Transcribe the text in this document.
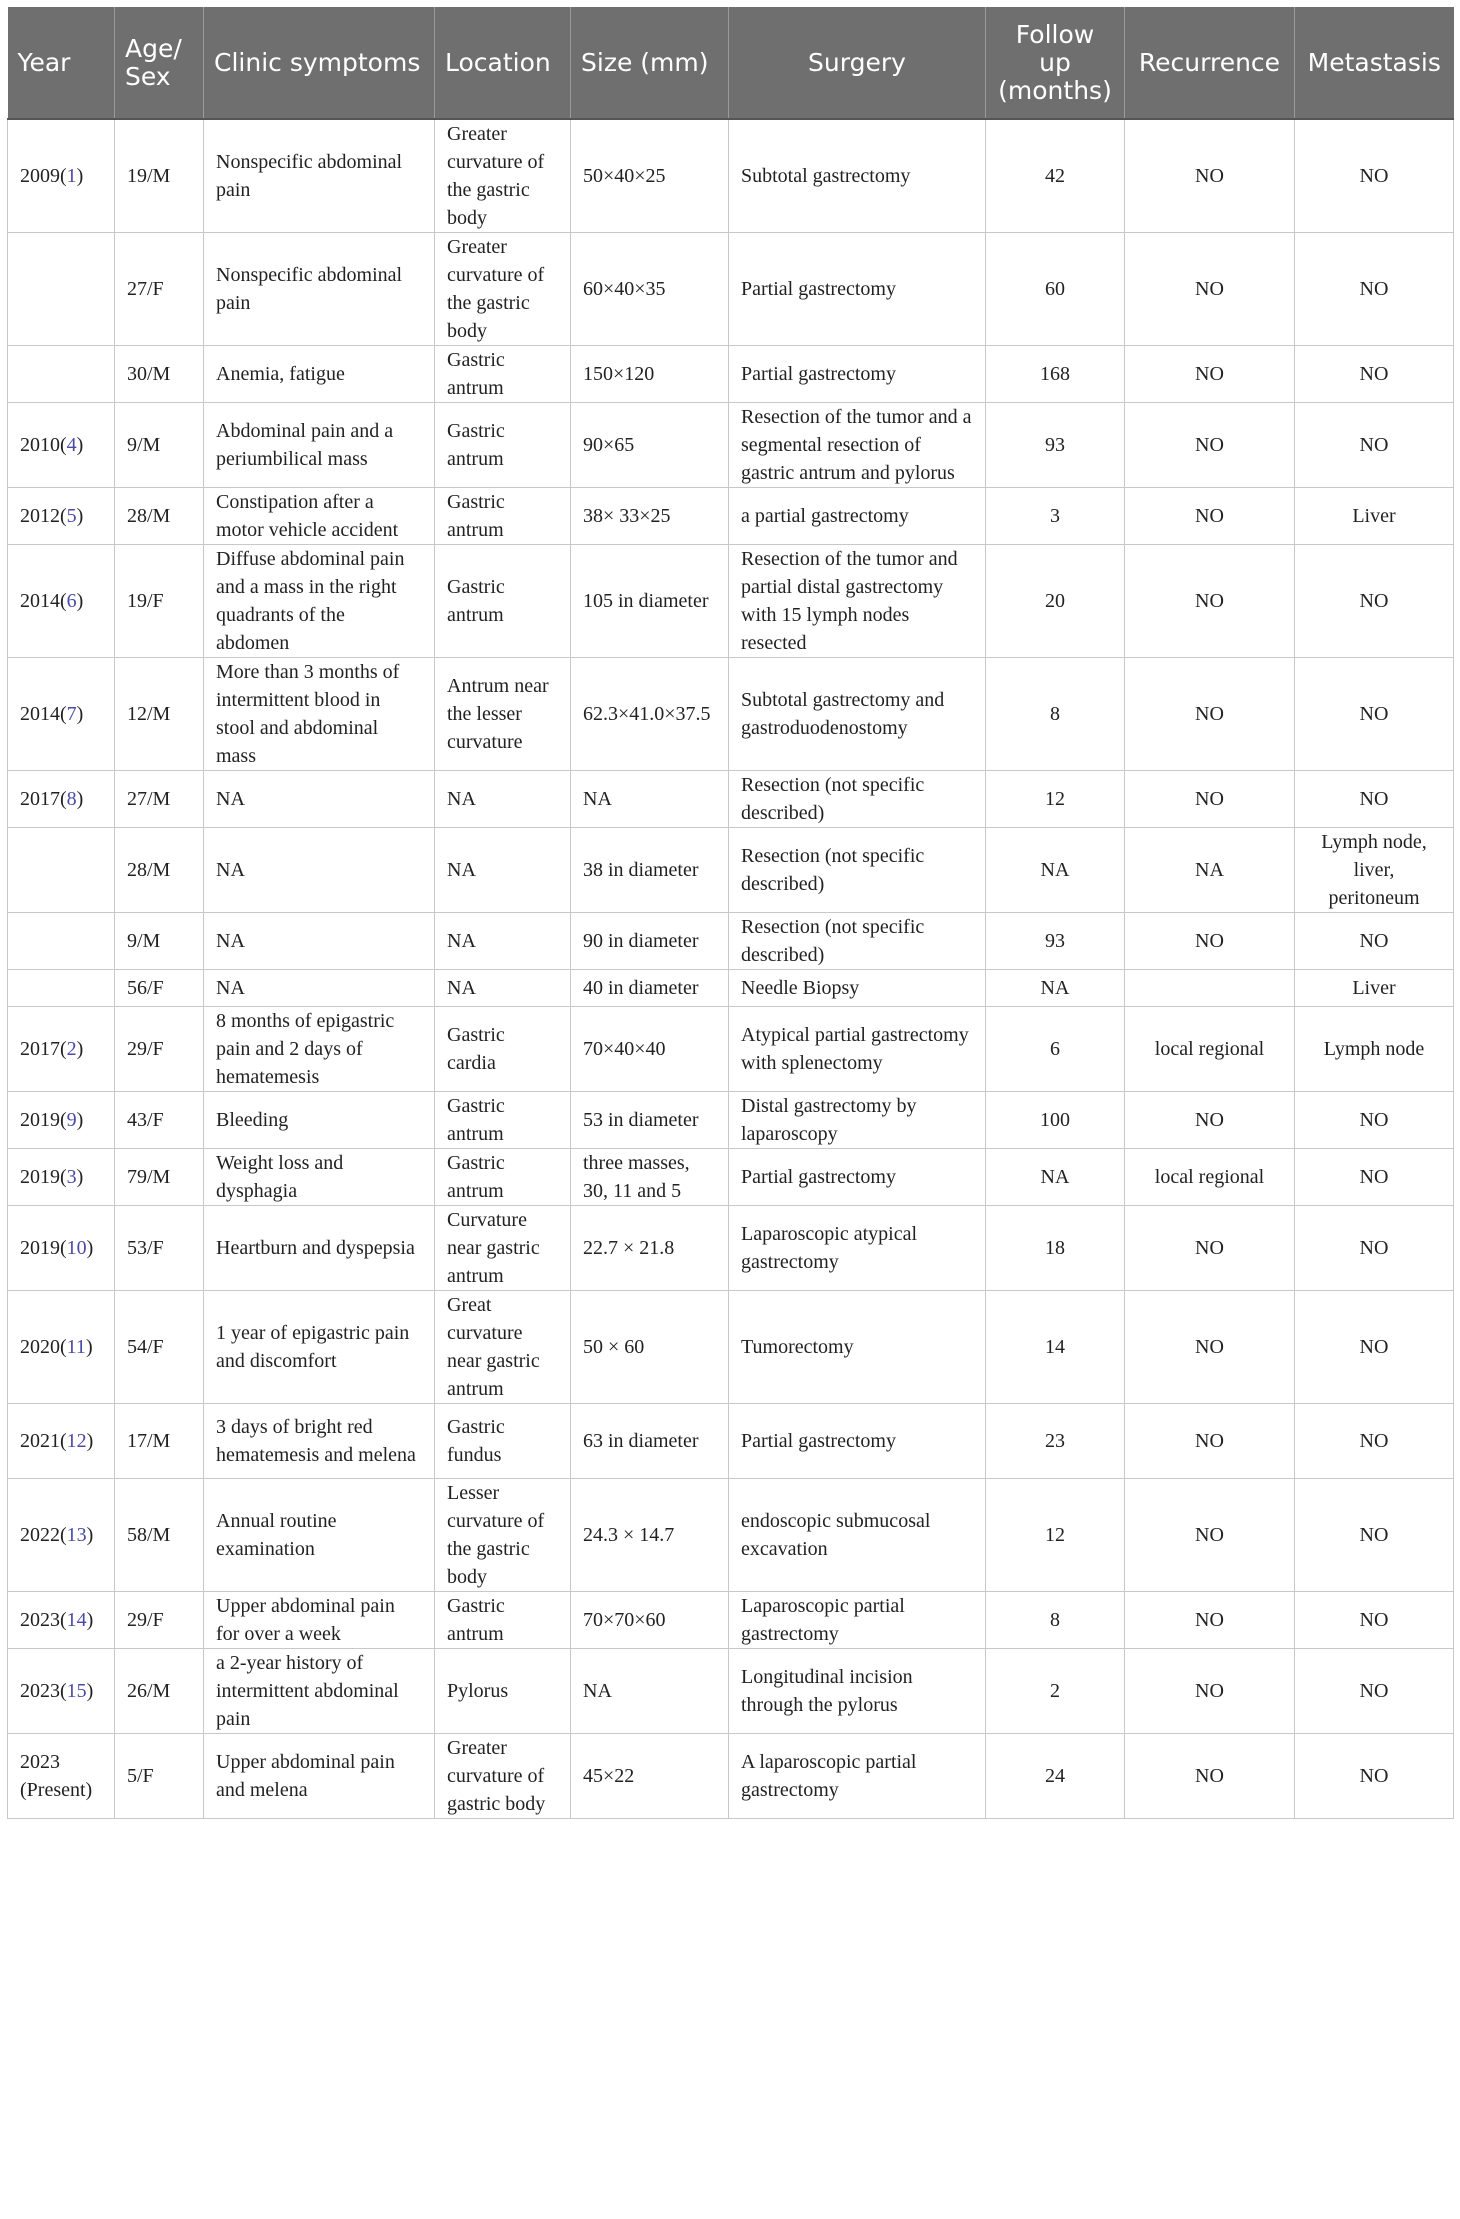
Year	Age/ Sex	Clinic symptoms	Location	Size (mm)	Surgery	Follow up (months)	Recurrence	Metastasis
2009(1)	19/M	Nonspecific abdominal pain	Greater curvature of the gastric body	50×40×25	Subtotal gastrectomy	42	NO	NO
	27/F	Nonspecific abdominal pain	Greater curvature of the gastric body	60×40×35	Partial gastrectomy	60	NO	NO
	30/M	Anemia, fatigue	Gastric antrum	150×120	Partial gastrectomy	168	NO	NO
2010(4)	9/M	Abdominal pain and a periumbilical mass	Gastric antrum	90×65	Resection of the tumor and a segmental resection of gastric antrum and pylorus	93	NO	NO
2012(5)	28/M	Constipation after a motor vehicle accident	Gastric antrum	38× 33×25	a partial gastrectomy	3	NO	Liver
2014(6)	19/F	Diffuse abdominal pain and a mass in the right quadrants of the abdomen	Gastric antrum	105 in diameter	Resection of the tumor and partial distal gastrectomy with 15 lymph nodes resected	20	NO	NO
2014(7)	12/M	More than 3 months of intermittent blood in stool and abdominal mass	Antrum near the lesser curvature	62.3×41.0×37.5	Subtotal gastrectomy and gastroduodenostomy	8	NO	NO
2017(8)	27/M	NA	NA	NA	Resection (not specific described)	12	NO	NO
	28/M	NA	NA	38 in diameter	Resection (not specific described)	NA	NA	Lymph node, liver, peritoneum
	9/M	NA	NA	90 in diameter	Resection (not specific described)	93	NO	NO
	56/F	NA	NA	40 in diameter	Needle Biopsy	NA		Liver
2017(2)	29/F	8 months of epigastric pain and 2 days of hematemesis	Gastric cardia	70×40×40	Atypical partial gastrectomy with splenectomy	6	local regional	Lymph node
2019(9)	43/F	Bleeding	Gastric antrum	53 in diameter	Distal gastrectomy by laparoscopy	100	NO	NO
2019(3)	79/M	Weight loss and dysphagia	Gastric antrum	three masses, 30, 11 and 5	Partial gastrectomy	NA	local regional	NO
2019(10)	53/F	Heartburn and dyspepsia	Curvature near gastric antrum	22.7 × 21.8	Laparoscopic atypical gastrectomy	18	NO	NO
2020(11)	54/F	1 year of epigastric pain and discomfort	Great curvature near gastric antrum	50 × 60	Tumorectomy	14	NO	NO
2021(12)	17/M	3 days of bright red hematemesis and melena	Gastric fundus	63 in diameter	Partial gastrectomy	23	NO	NO
2022(13)	58/M	Annual routine examination	Lesser curvature of the gastric body	24.3 × 14.7	endoscopic submucosal excavation	12	NO	NO
2023(14)	29/F	Upper abdominal pain for over a week	Gastric antrum	70×70×60	Laparoscopic partial gastrectomy	8	NO	NO
2023(15)	26/M	a 2-year history of intermittent abdominal pain	Pylorus	NA	Longitudinal incision through the pylorus	2	NO	NO
2023 (Present)	5/F	Upper abdominal pain and melena	Greater curvature of gastric body	45×22	A laparoscopic partial gastrectomy	24	NO	NO
